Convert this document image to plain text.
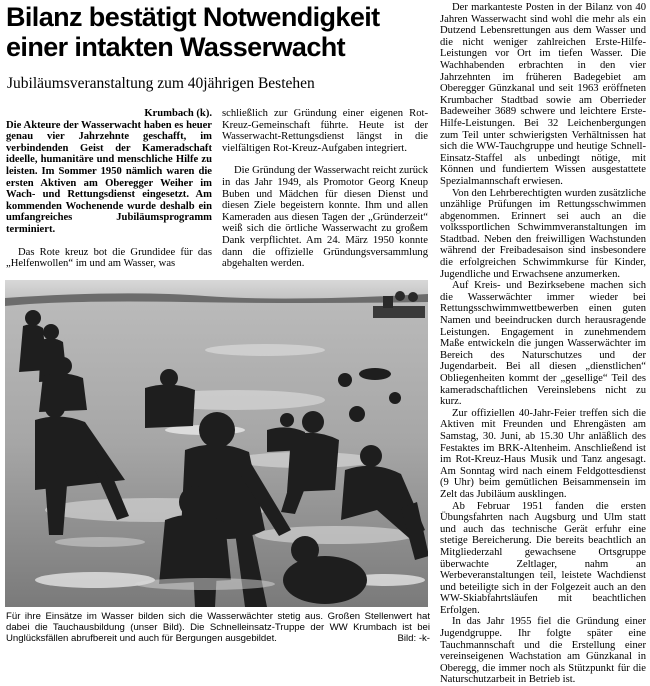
Bilanz bestätigt Notwendigkeit einer intakten Wasserwacht
Jubiläumsveranstaltung zum 40jährigen Bestehen
Krumbach (k).

Die Akteure der Wasserwacht haben es heuer genau vier Jahrzehnte geschafft, im verbindenden Geist der Kameradschaft ideelle, humanitäre und menschliche Hilfe zu leisten. Im Sommer 1950 nämlich waren die ersten Aktiven am Oberegger Weiher im Wach- und Rettungsdienst eingesetzt. Am kommenden Wochenende wurde deshalb ein umfangreiches Jubiläumsprogramm terminiert.

Das Rote kreuz bot die Grundidee für das „Helfenwollen“ im und am Wasser, was

schließlich zur Gründung einer eigenen Rot-Kreuz-Gemeinschaft führte. Heute ist der Wasserwacht-Rettungsdienst längst in die vielfältigen Rot-Kreuz-Aufgaben integriert.

Die Gründung der Wasserwacht reicht zurück in das Jahr 1949, als Promotor Georg Kneup Buben und Mädchen für diesen Dienst und diesen Ziele begeistern konnte. Ihm und allen Kameraden aus diesen Tagen der „Gründerzeit“ weiß sich die örtliche Wasserwacht zu großem Dank verpflichtet. Am 24. März 1950 konnte dann die offizielle Gründungsversammlung abgehalten werden.

Der markanteste Posten in der Bilanz von 40 Jahren Wasserwacht sind wohl die mehr als ein Dutzend Lebensrettungen aus dem Wasser und die nicht weniger zahlreichen Erste-Hilfe-Leistungen vor Ort im tiefen Wasser. Die Wachhabenden erbrachten in den vier Jahrzehnten im früheren Badegebiet am Oberegger Günzkanal und seit 1963 eröffneten Krumbacher Stadtbad sowie am Oberrieder Badeweiher 3689 schwere und leichtere Erste-Hilfe-Leistungen. Bei 32 Leichenbergungen zum Teil unter schwierigsten Verhältnissen hat sich die WW-Tauchgruppe und heutige Schnell-Einsatz-Staffel als unbedingt nötige, mit Können und fundiertem Wissen ausgestattete Spezialmannschaft erwiesen.

Von den Lehrberechtigten wurden zusätzliche unzählige Prüfungen im Rettungsschwimmen abgenommen. Erinnert sei auch an die volkssportlichen Schwimmveranstaltungen im Stadtbad. Neben den freiwilligen Wachstunden während der Freibadesaison sind insbesondere die erfolgreichen Schwimmkurse für Kinder, Jugendliche und Erwachsene anzumerken.

Auf Kreis- und Bezirksebene machen sich die Wasserwächter immer wieder bei Rettungsschwimmwettbewerben einen guten Namen und beeindrucken durch herausragende Leistungen. Engagement in zunehmendem Maße entwickeln die jungen Wasserwächter im Bereich des Naturschutzes und der Jugendarbeit. Bei all diesen „dienstlichen“ Obliegenheiten kommt der „gesellige“ Teil des kameradschaftlichen Vereinslebens nicht zu kurz.

Zur offiziellen 40-Jahr-Feier treffen sich die Aktiven mit Freunden und Ehrengästen am Samstag, 30. Juni, ab 15.30 Uhr anläßlich des Festaktes im BRK-Altenheim. Anschließend ist im Rot-Kreuz-Haus Musik und Tanz angesagt. Am Sonntag wird nach einem Feldgottesdienst (9 Uhr) beim gemütlichen Beisammensein im Zelt das Jubiläum ausklingen.

Ab Februar 1951 fanden die ersten Übungsfahrten nach Augsburg und Ulm statt und auch das technische Gerät erfuhr eine stetige Bereicherung. Die bereits beachtlich an Mitgliederzahl gewachsene Ortsgruppe überwachte Zeltlager, nahm an Werbeveranstaltungen teil, leistete Wachdienst und beteiligte sich in der Folgezeit auch an den WW-Skiabfahrtsläufen mit beachtlichen Erfolgen.

In das Jahr 1955 fiel die Gründung einer Jugendgruppe. Ihr folgte später eine Tauchmannschaft und die Erstellung einer vereinseigenen Wachstation am Günzkanal in Oberegg, die immer noch als Stützpunkt für die Naturschutzarbeit in Betrieb ist.

Für ihre Einsätze im Wasser bilden sich die Wasserwächter stetig aus. Großen Stellenwert hat dabei die Tauchausbildung (unser Bild). Die Schnelleinsatz-Truppe der WW Krumbach ist bei Unglücksfällen abrufbereit und auch für Bergungen ausgebildet.	Bild: -k-
